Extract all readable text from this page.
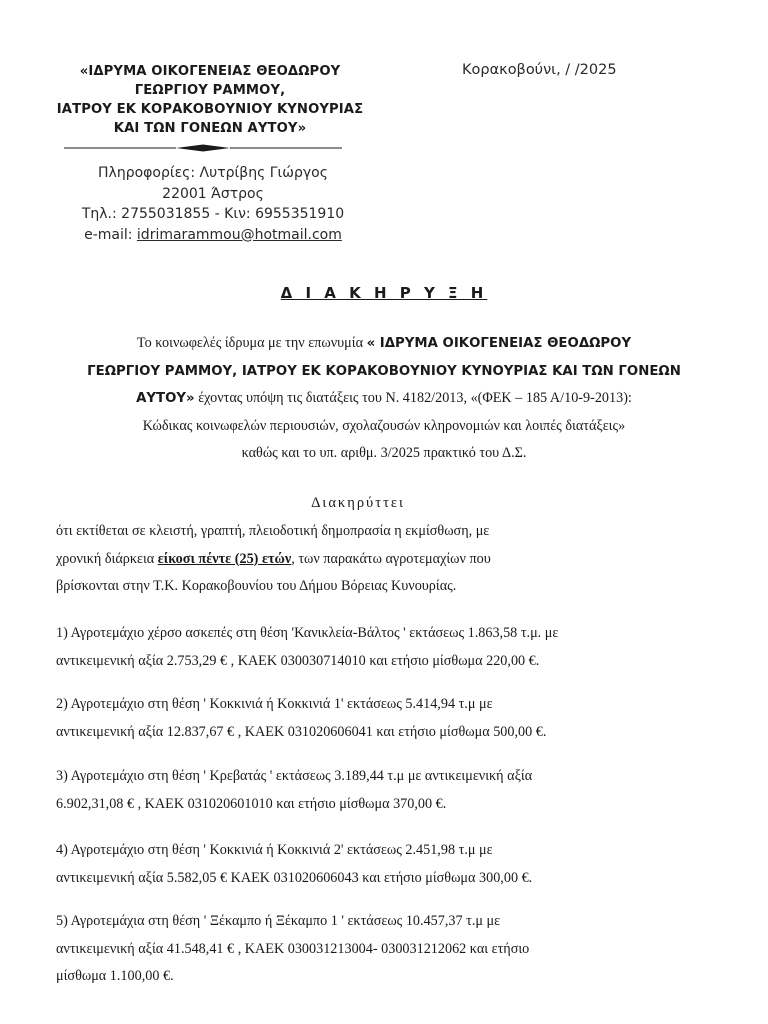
«ΙΔΡΥΜΑ ΟΙΚΟΓΕΝΕΙΑΣ ΘΕΟΔΩΡΟΥ
ΓΕΩΡΓΙΟΥ ΡΑΜΜΟΥ,
ΙΑΤΡΟΥ ΕΚ ΚΟΡΑΚΟΒΟΥΝΙΟΥ ΚΥΝΟΥΡΙΑΣ
ΚΑΙ ΤΩΝ ΓΟΝΕΩΝ ΑΥΤΟΥ»
Πληροφορίες: Λυτρίβης Γιώργος
22001 Άστρος
Τηλ.: 2755031855 - Κιν: 6955351910
e-mail: idrimarammou@hotmail.com
Κορακοβούνι, / /2025
Δ Ι Α Κ Η Ρ Υ Ξ Η
Το κοινωφελές ίδρυμα με την επωνυμία « ΙΔΡΥΜΑ ΟΙΚΟΓΕΝΕΙΑΣ ΘΕΟΔΩΡΟΥ
ΓΕΩΡΓΙΟΥ ΡΑΜΜΟΥ, ΙΑΤΡΟΥ ΕΚ ΚΟΡΑΚΟΒΟΥΝΙΟΥ ΚΥΝΟΥΡΙΑΣ ΚΑΙ ΤΩΝ ΓΟΝΕΩΝ
ΑΥΤΟΥ» έχοντας υπόψη τις διατάξεις του Ν. 4182/2013, «(ΦΕΚ – 185 Α/10-9-2013):
Κώδικας κοινωφελών περιουσιών, σχολαζουσών κληρονομιών και λοιπές διατάξεις»
καθώς και το υπ. αριθμ. 3/2025 πρακτικό του Δ.Σ.
Διακηρύττει
ότι εκτίθεται σε κλειστή, γραπτή, πλειοδοτική δημοπρασία η εκμίσθωση, με
χρονική διάρκεια είκοσι πέντε (25) ετών, των παρακάτω αγροτεμαχίων που
βρίσκονται στην Τ.Κ. Κορακοβουνίου του Δήμου Βόρειας Κυνουρίας.
1) Αγροτεμάχιο χέρσο ασκεπές στη θέση 'Κανικλεία-Βάλτος ' εκτάσεως 1.863,58 τ.μ. με
αντικειμενική αξία 2.753,29 € , ΚΑΕΚ 030030714010 και ετήσιο μίσθωμα 220,00 €.
2) Αγροτεμάχιο στη θέση ' Κοκκινιά ή Κοκκινιά 1' εκτάσεως 5.414,94 τ.μ με
αντικειμενική αξία 12.837,67 € , ΚΑΕΚ 031020606041 και ετήσιο μίσθωμα 500,00 €.
3) Αγροτεμάχιο στη θέση ' Κρεβατάς ' εκτάσεως 3.189,44 τ.μ με αντικειμενική αξία
6.902,31,08 € , ΚΑΕΚ 031020601010 και ετήσιο μίσθωμα 370,00 €.
4) Αγροτεμάχιο στη θέση ' Κοκκινιά ή Κοκκινιά 2' εκτάσεως 2.451,98 τ.μ με
αντικειμενική αξία 5.582,05 € ΚΑΕΚ 031020606043 και ετήσιο μίσθωμα 300,00 €.
5) Αγροτεμάχια στη θέση ' Ξέκαμπο ή Ξέκαμπο 1 ' εκτάσεως 10.457,37 τ.μ με
αντικειμενική αξία 41.548,41 € , ΚΑΕΚ 030031213004- 030031212062 και ετήσιο
μίσθωμα 1.100,00 €.
